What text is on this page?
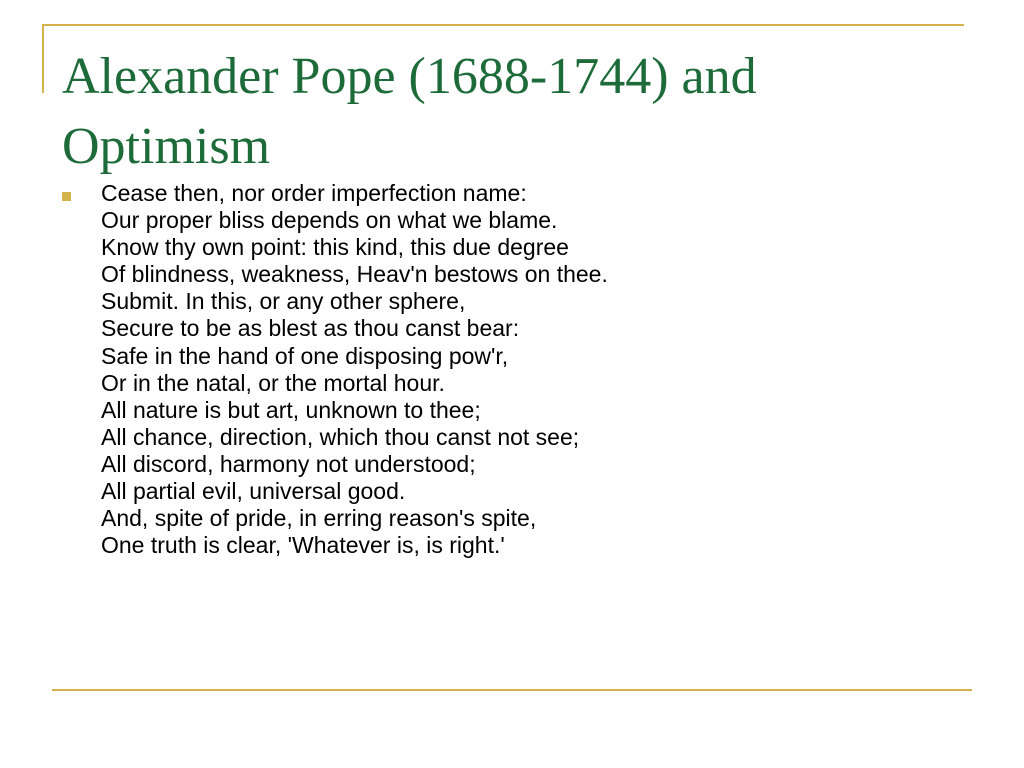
Alexander Pope (1688-1744) and
Optimism
Cease then, nor order imperfection name:
Our proper bliss depends on what we blame.
Know thy own point: this kind, this due degree
Of blindness, weakness, Heav'n bestows on thee.
Submit. In this, or any other sphere,
Secure to be as blest as thou canst bear:
Safe in the hand of one disposing pow'r,
Or in the natal, or the mortal hour.
All nature is but art, unknown to thee;
All chance, direction, which thou canst not see;
All discord, harmony not understood;
All partial evil, universal good.
And, spite of pride, in erring reason's spite,
One truth is clear, 'Whatever is, is right.'
